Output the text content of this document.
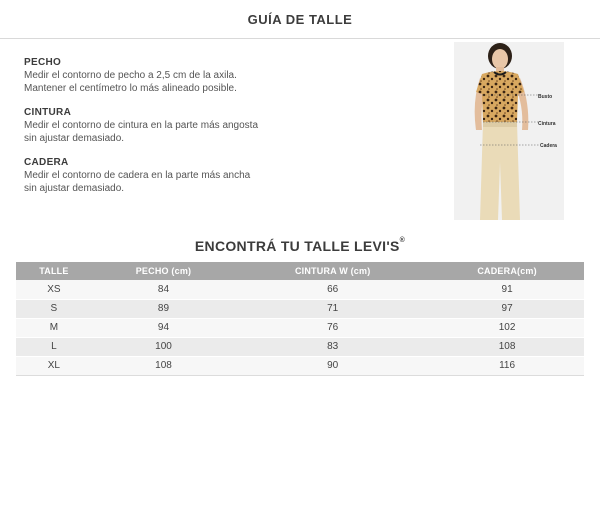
GUÍA DE TALLE
PECHO
Medir el contorno de pecho a 2,5 cm de la axila.
Mantener el centímetro lo más alineado posible.
CINTURA
Medir el contorno de cintura en la parte más angosta
sin ajustar demasiado.
CADERA
Medir el contorno de cadera en la parte más ancha
sin ajustar demasiado.
Busto
Cintura
Cadera
ENCONTRÁ TU TALLE LEVI'S®
TALLE	PECHO (cm)	CINTURA W (cm)	CADERA(cm)
XS	84	66	91
S	89	71	97
M	94	76	102
L	100	83	108
XL	108	90	116
